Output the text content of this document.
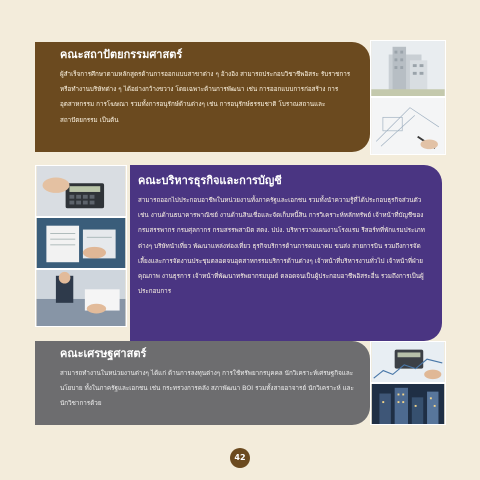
คณะสถาปัตยกรรมศาสตร์

ผู้สำเร็จการศึกษาตามหลักสูตรด้านการออกแบบสาขาต่าง ๆ อ้างอิง สามารถประกอบวิชาชีพอิสระ รับราชการ หรือทำงานบริษัทต่าง ๆ ได้อย่างกว้างขวาง โดยเฉพาะด้านการพัฒนา เช่น การออกแบบการก่อสร้าง การอุตสาหกรรม การโฆษณา รวมทั้งการอนุรักษ์ด้านต่างๆ เช่น การอนุรักษ์ธรรมชาติ โบราณสถานและสถาปัตยกรรม เป็นต้น

คณะบริหารธุรกิจและการบัญชี

สามารถออกไปประกอบอาชีพในหน่วยงานทั้งภาครัฐและเอกชน รวมทั้งนำความรู้ที่ได้ประกอบธุรกิจส่วนตัว เช่น งานด้านธนาคารพาณิชย์ งานด้านสินเชื่อและจัดเก็บหนี้สิน การวิเคราะห์หลักทรัพย์ เจ้าหน้าที่บัญชีของกรมสรรพากร กรมศุลกากร กรมสรรพสามิต สตง. ปปง. บริหารวางแผนงานโรงแรม รีสอร์ทที่พักแรมประเภทต่างๆ บริษัทนำเที่ยว พัฒนาแหล่งท่องเที่ยว ธุรกิจบริการด้านการคมนาคม ขนส่ง สายการบิน รวมถึงการจัดเลี้ยงและการจัดงานประชุมตลอดจนอุตสาหกรรมบริการด้านต่างๆ เจ้าหน้าที่บริหารงานทั่วไป เจ้าหน้าที่ฝ่ายคุณภาพ งานธุรการ เจ้าหน้าที่พัฒนาทรัพยากรมนุษย์ ตลอดจนเป็นผู้ประกอบอาชีพอิสระอื่น รวมถึงการเป็นผู้ประกอบการ

คณะเศรษฐศาสตร์

สามารถทำงานในหน่วยงานต่างๆ ได้แก่ ด้านการลงทุนต่างๆ การใช้ทรัพยากรบุคคล นักวิเคราะห์เศรษฐกิจและนโยบาย ทั้งในภาครัฐและเอกชน เช่น กระทรวงการคลัง สภาพัฒนา BOI รวมทั้งสายอาจารย์ นักวิเคราะห์ และนักวิชาการด้วย

42
